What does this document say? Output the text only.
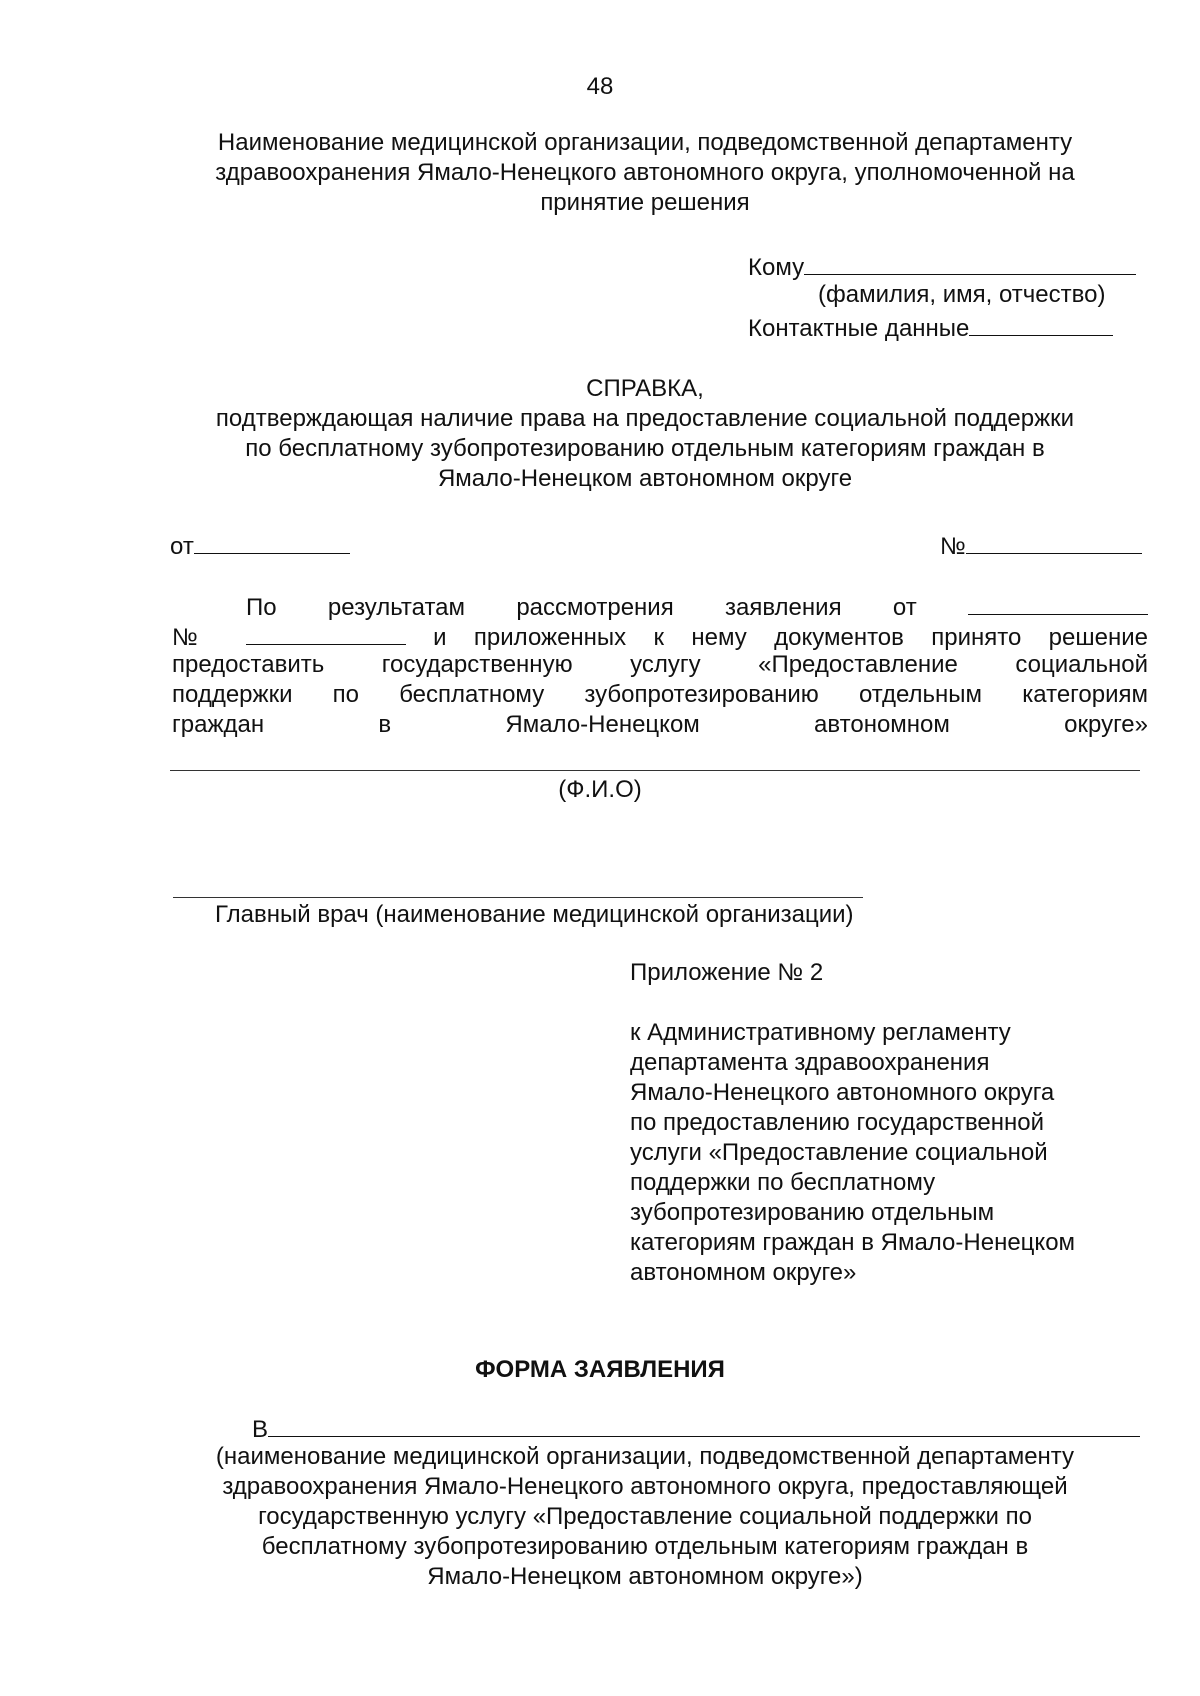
48
Наименование медицинской организации, подведомственной департаменту
здравоохранения Ямало-Ненецкого автономного округа, уполномоченной на
принятие решения
Кому
(фамилия, имя, отчество)
Контактные данные
СПРАВКА,
подтверждающая наличие права на предоставление социальной поддержки
по бесплатному зубопротезированию отдельным категориям граждан в
Ямало-Ненецком автономном округе
от	№
По результатам рассмотрения заявления от
№	и приложенных к нему документов принято решение
предоставить государственную услугу «Предоставление социальной
поддержки по бесплатному зубопротезированию отдельным категориям
граждан в Ямало-Ненецком автономном округе»
(Ф.И.О)
Главный врач (наименование медицинской организации)
Приложение № 2
к Административному регламенту
департамента здравоохранения
Ямало-Ненецкого автономного округа
по предоставлению государственной
услуги «Предоставление социальной
поддержки по бесплатному
зубопротезированию отдельным
категориям граждан в Ямало-Ненецком
автономном округе»
ФОРМА ЗАЯВЛЕНИЯ
В
(наименование медицинской организации, подведомственной департаменту
здравоохранения Ямало-Ненецкого автономного округа, предоставляющей
государственную услугу «Предоставление социальной поддержки по
бесплатному зубопротезированию отдельным категориям граждан в
Ямало-Ненецком автономном округе»)
